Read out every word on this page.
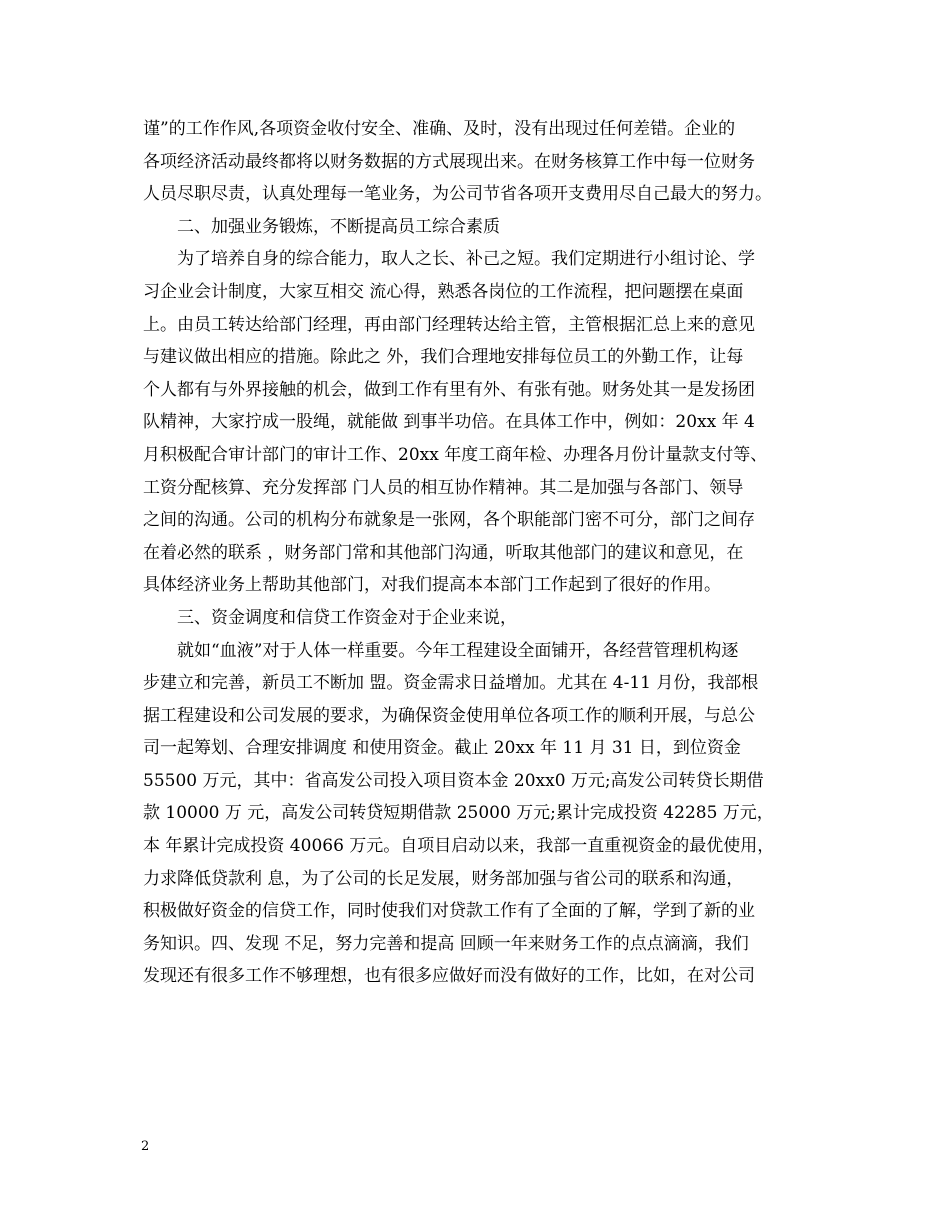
谨”的工作作风,各项资金收付安全、准确、及时，没有出现过任何差错。企业的
各项经济活动最终都将以财务数据的方式展现出来。在财务核算工作中每一位财务
人员尽职尽责，认真处理每一笔业务，为公司节省各项开支费用尽自己最大的努力。
　　二、加强业务锻炼，不断提高员工综合素质
　　为了培养自身的综合能力，取人之长、补己之短。我们定期进行小组讨论、学
习企业会计制度，大家互相交 流心得，熟悉各岗位的工作流程，把问题摆在桌面
上。由员工转达给部门经理，再由部门经理转达给主管，主管根据汇总上来的意见
与建议做出相应的措施。除此之 外，我们合理地安排每位员工的外勤工作，让每
个人都有与外界接触的机会，做到工作有里有外、有张有弛。财务处其一是发扬团
队精神，大家拧成一股绳，就能做 到事半功倍。在具体工作中，例如：20xx 年 4
月积极配合审计部门的审计工作、20xx 年度工商年检、办理各月份计量款支付等、
工资分配核算、充分发挥部 门人员的相互协作精神。其二是加强与各部门、领导
之间的沟通。公司的机构分布就象是一张网，各个职能部门密不可分，部门之间存
在着必然的联系 ，财务部门常和其他部门沟通，听取其他部门的建议和意见，在
具体经济业务上帮助其他部门，对我们提高本本部门工作起到了很好的作用。
　　三、资金调度和信贷工作资金对于企业来说，
　　就如“血液”对于人体一样重要。今年工程建设全面铺开，各经营管理机构逐
步建立和完善，新员工不断加 盟。资金需求日益增加。尤其在 4-11 月份，我部根
据工程建设和公司发展的要求，为确保资金使用单位各项工作的顺利开展，与总公
司一起筹划、合理安排调度 和使用资金。截止 20xx 年 11 月 31 日，到位资金
55500 万元，其中：省高发公司投入项目资本金 20xx0 万元;高发公司转贷长期借
款 10000 万 元，高发公司转贷短期借款 25000 万元;累计完成投资 42285 万元，
本 年累计完成投资 40066 万元。自项目启动以来，我部一直重视资金的最优使用，
力求降低贷款利 息，为了公司的长足发展，财务部加强与省公司的联系和沟通，
积极做好资金的信贷工作，同时使我们对贷款工作有了全面的了解，学到了新的业
务知识。四、发现 不足，努力完善和提高 回顾一年来财务工作的点点滴滴，我们
发现还有很多工作不够理想，也有很多应做好而没有做好的工作，比如，在对公司
2
